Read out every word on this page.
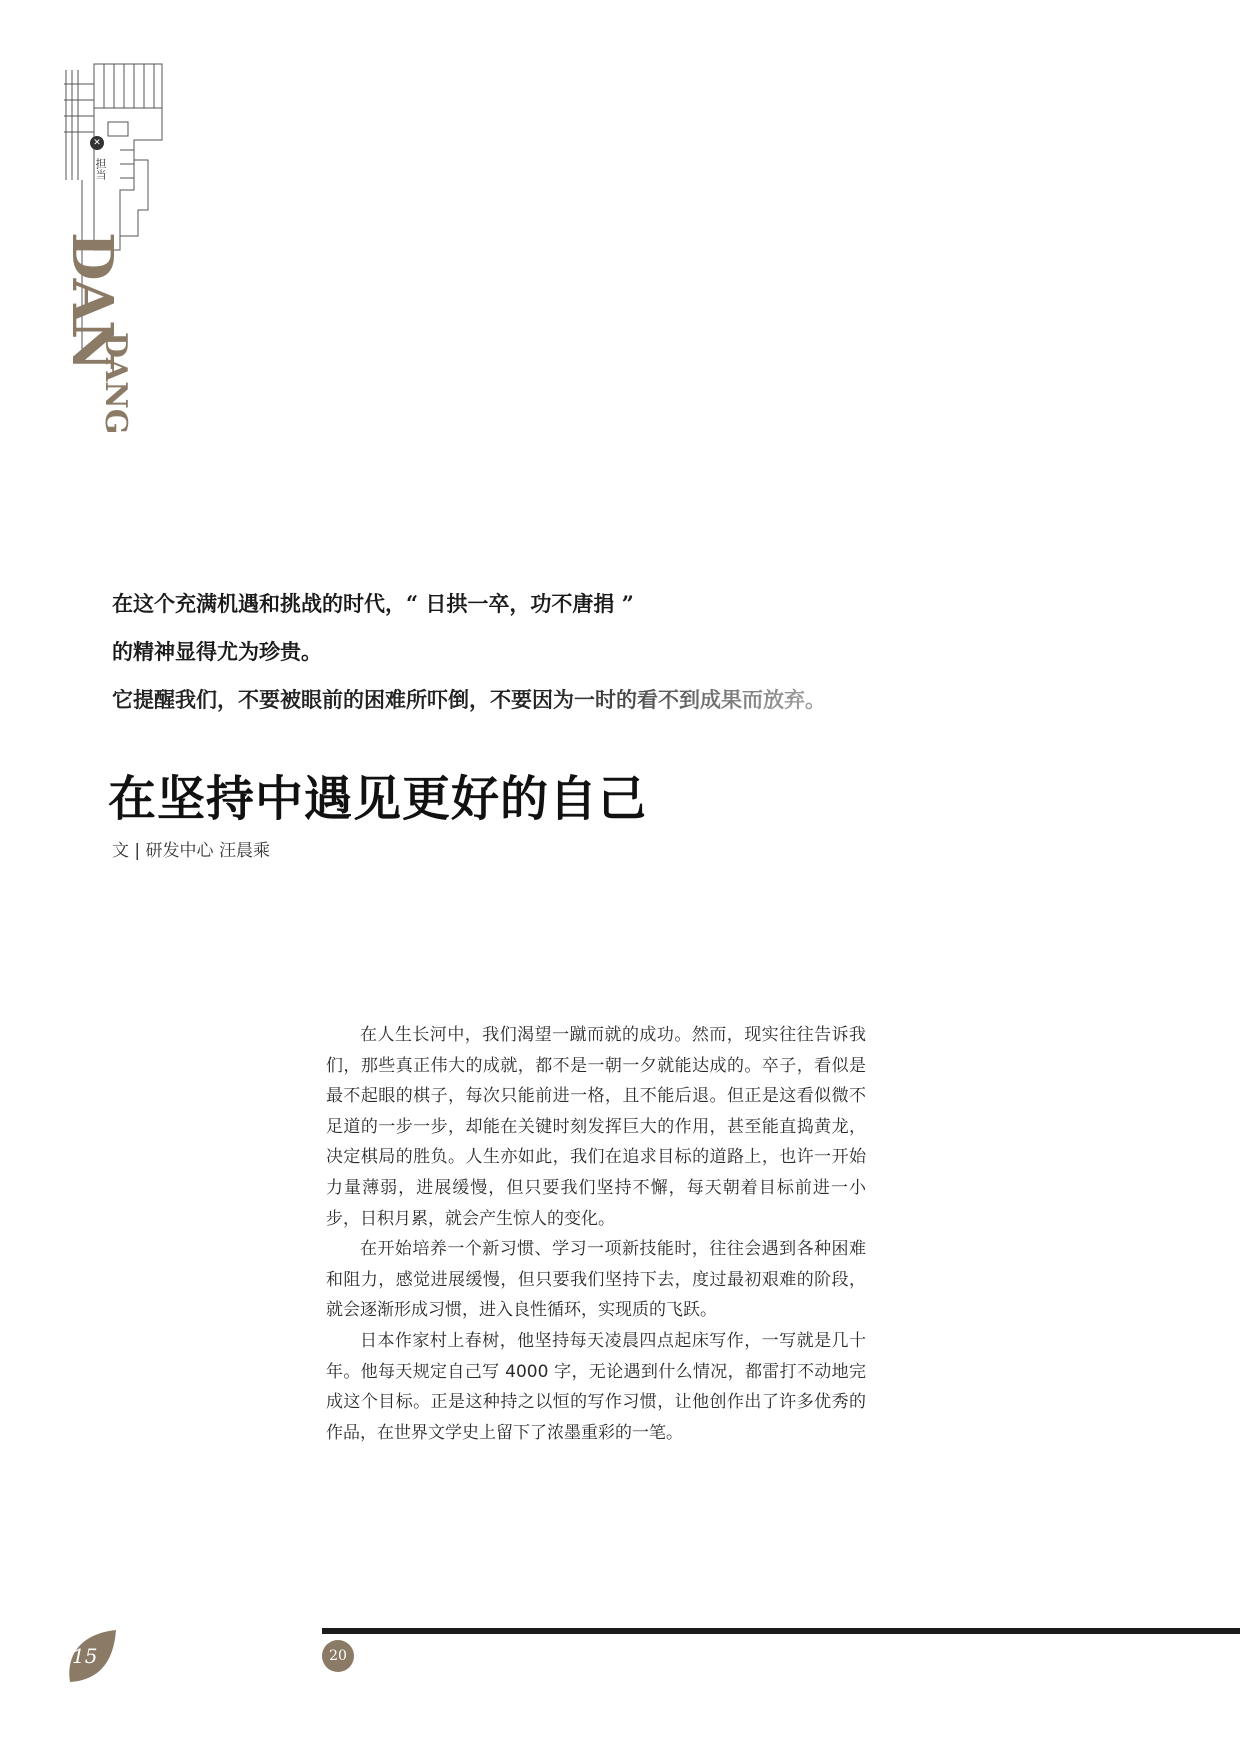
✕
担当
DAN
DANG
在这个充满机遇和挑战的时代，“ 日拱一卒，功不唐捐 ”
的精神显得尤为珍贵。
它提醒我们，不要被眼前的困难所吓倒，不要因为一时的看不到成果而放弃。
在坚持中遇见更好的自己
文 | 研发中心 汪晨乘

在人生长河中，我们渴望一蹴而就的成功。然而，现实往往告诉我们，那些真正伟大的成就，都不是一朝一夕就能达成的。卒子，看似是最不起眼的棋子，每次只能前进一格，且不能后退。但正是这看似微不足道的一步一步，却能在关键时刻发挥巨大的作用，甚至能直捣黄龙，决定棋局的胜负。人生亦如此，我们在追求目标的道路上，也许一开始力量薄弱，进展缓慢，但只要我们坚持不懈，每天朝着目标前进一小步，日积月累，就会产生惊人的变化。

在开始培养一个新习惯、学习一项新技能时，往往会遇到各种困难和阻力，感觉进展缓慢，但只要我们坚持下去，度过最初艰难的阶段，就会逐渐形成习惯，进入良性循环，实现质的飞跃。

日本作家村上春树，他坚持每天凌晨四点起床写作，一写就是几十年。他每天规定自己写 4000 字，无论遇到什么情况，都雷打不动地完成这个目标。正是这种持之以恒的写作习惯，让他创作出了许多优秀的作品，在世界文学史上留下了浓墨重彩的一笔。

15	20
